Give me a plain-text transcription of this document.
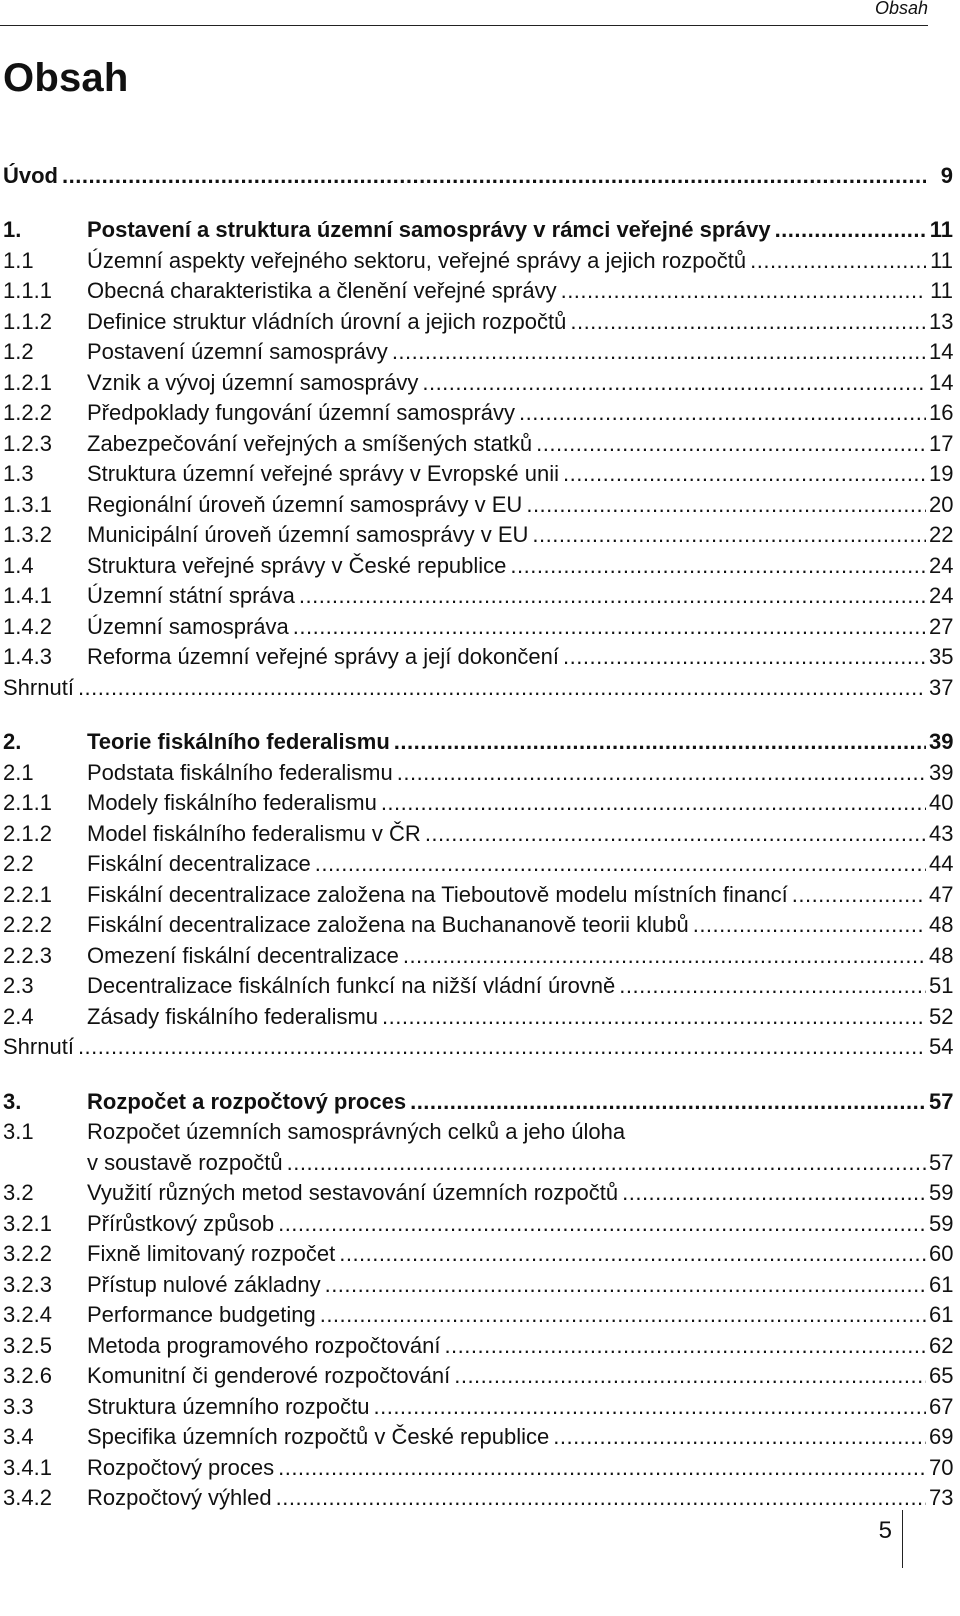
Obsah
Obsah
Úvod .....	9
1.	Postavení a struktura územní samosprávy v rámci veřejné správy .....	11
1.1	Územní aspekty veřejného sektoru, veřejné správy a jejich rozpočtů .....	11
1.1.1	Obecná charakteristika a členění veřejné správy .....	11
1.1.2	Definice struktur vládních úrovní a jejich rozpočtů .....	13
1.2	Postavení územní samosprávy .....	14
1.2.1	Vznik a vývoj územní samosprávy .....	14
1.2.2	Předpoklady fungování územní samosprávy .....	16
1.2.3	Zabezpečování veřejných a smíšených statků .....	17
1.3	Struktura územní veřejné správy v Evropské unii .....	19
1.3.1	Regionální úroveň územní samosprávy v EU .....	20
1.3.2	Municipální úroveň územní samosprávy v EU .....	22
1.4	Struktura veřejné správy v České republice .....	24
1.4.1	Územní státní správa .....	24
1.4.2	Územní samospráva .....	27
1.4.3	Reforma územní veřejné správy a její dokončení .....	35
Shrnutí .....	37
2.	Teorie fiskálního federalismu .....	39
2.1	Podstata fiskálního federalismu .....	39
2.1.1	Modely fiskálního federalismu .....	40
2.1.2	Model fiskálního federalismu v ČR .....	43
2.2	Fiskální decentralizace .....	44
2.2.1	Fiskální decentralizace založena na Tieboutově modelu místních financí .....	47
2.2.2	Fiskální decentralizace založena na Buchananově teorii klubů .....	48
2.2.3	Omezení fiskální decentralizace .....	48
2.3	Decentralizace fiskálních funkcí na nižší vládní úrovně .....	51
2.4	Zásady fiskálního federalismu .....	52
Shrnutí .....	54
3.	Rozpočet a rozpočtový proces .....	57
3.1	Rozpočet územních samosprávných celků a jeho úloha
v soustavě rozpočtů .....	57
3.2	Využití různých metod sestavování územních rozpočtů .....	59
3.2.1	Přírůstkový způsob .....	59
3.2.2	Fixně limitovaný rozpočet .....	60
3.2.3	Přístup nulové základny .....	61
3.2.4	Performance budgeting .....	61
3.2.5	Metoda programového rozpočtování .....	62
3.2.6	Komunitní či genderové rozpočtování .....	65
3.3	Struktura územního rozpočtu .....	67
3.4	Specifika územních rozpočtů v České republice .....	69
3.4.1	Rozpočtový proces .....	70
3.4.2	Rozpočtový výhled .....	73
5
